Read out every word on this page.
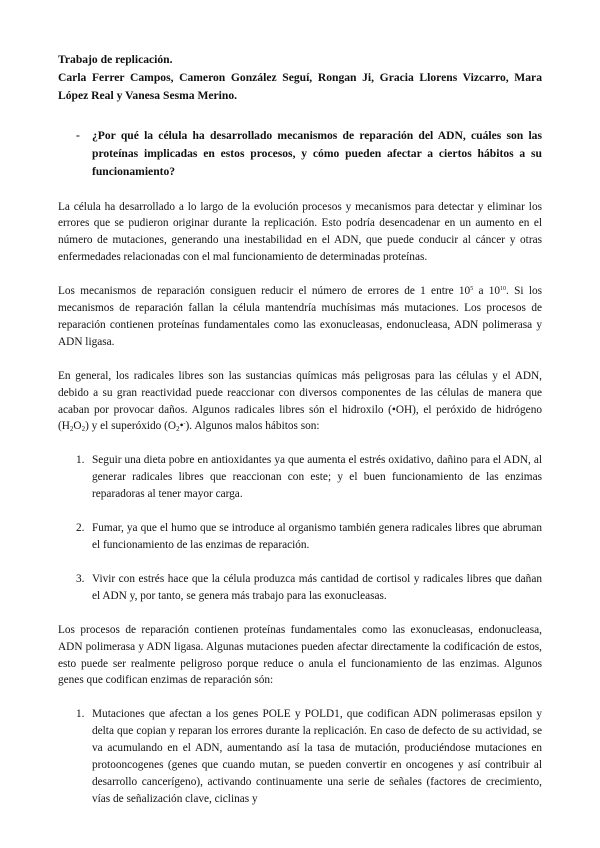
Trabajo de replicación.

Carla Ferrer Campos, Cameron González Seguí, Rongan Ji, Gracia Llorens Vizcarro, Mara López Real y Vanesa Sesma Merino.

-	¿Por qué la célula ha desarrollado mecanismos de reparación del ADN, cuáles son las proteínas implicadas en estos procesos, y cómo pueden afectar a ciertos hábitos a su funcionamiento?

La célula ha desarrollado a lo largo de la evolución procesos y mecanismos para detectar y eliminar los errores que se pudieron originar durante la replicación. Esto podría desencadenar en un aumento en el número de mutaciones, generando una inestabilidad en el ADN, que puede conducir al cáncer y otras enfermedades relacionadas con el mal funcionamiento de determinadas proteínas.

Los mecanismos de reparación consiguen reducir el número de errores de 1 entre $10^5$ a $10^{10}$. Si los mecanismos de reparación fallan la célula mantendría muchísimas más mutaciones. Los procesos de reparación contienen proteínas fundamentales como las exonucleasas, endonucleasa, ADN polimerasa y ADN ligasa.

En general, los radicales libres son las sustancias químicas más peligrosas para las células y el ADN, debido a su gran reactividad puede reaccionar con diversos componentes de las células de manera que acaban por provocar daños. Algunos radicales libres són el hidroxilo (•OH), el peróxido de hidrógeno $(H_2O_2)$ y el superóxido $(O_2•^-)$. Algunos malos hábitos son:

1. Seguir una dieta pobre en antioxidantes ya que aumenta el estrés oxidativo, dañino para el ADN, al generar radicales libres que reaccionan con este; y el buen funcionamiento de las enzimas reparadoras al tener mayor carga.
2. Fumar, ya que el humo que se introduce al organismo también genera radicales libres que abruman el funcionamiento de las enzimas de reparación.
3. Vivir con estrés hace que la célula produzca más cantidad de cortisol y radicales libres que dañan el ADN y, por tanto, se genera más trabajo para las exonucleasas.

Los procesos de reparación contienen proteínas fundamentales como las exonucleasas, endonucleasa, ADN polimerasa y ADN ligasa. Algunas mutaciones pueden afectar directamente la codificación de estos, esto puede ser realmente peligroso porque reduce o anula el funcionamiento de las enzimas. Algunos genes que codifican enzimas de reparación són:

1. Mutaciones que afectan a los genes POLE y POLD1, que codifican ADN polimerasas epsilon y delta que copian y reparan los errores durante la replicación. En caso de defecto de su actividad, se va acumulando en el ADN, aumentando así la tasa de mutación, produciéndose mutaciones en protooncogenes (genes que cuando mutan, se pueden convertir en oncogenes y así contribuir al desarrollo cancerígeno), activando continuamente una serie de señales (factores de crecimiento, vías de señalización clave, ciclinas y
